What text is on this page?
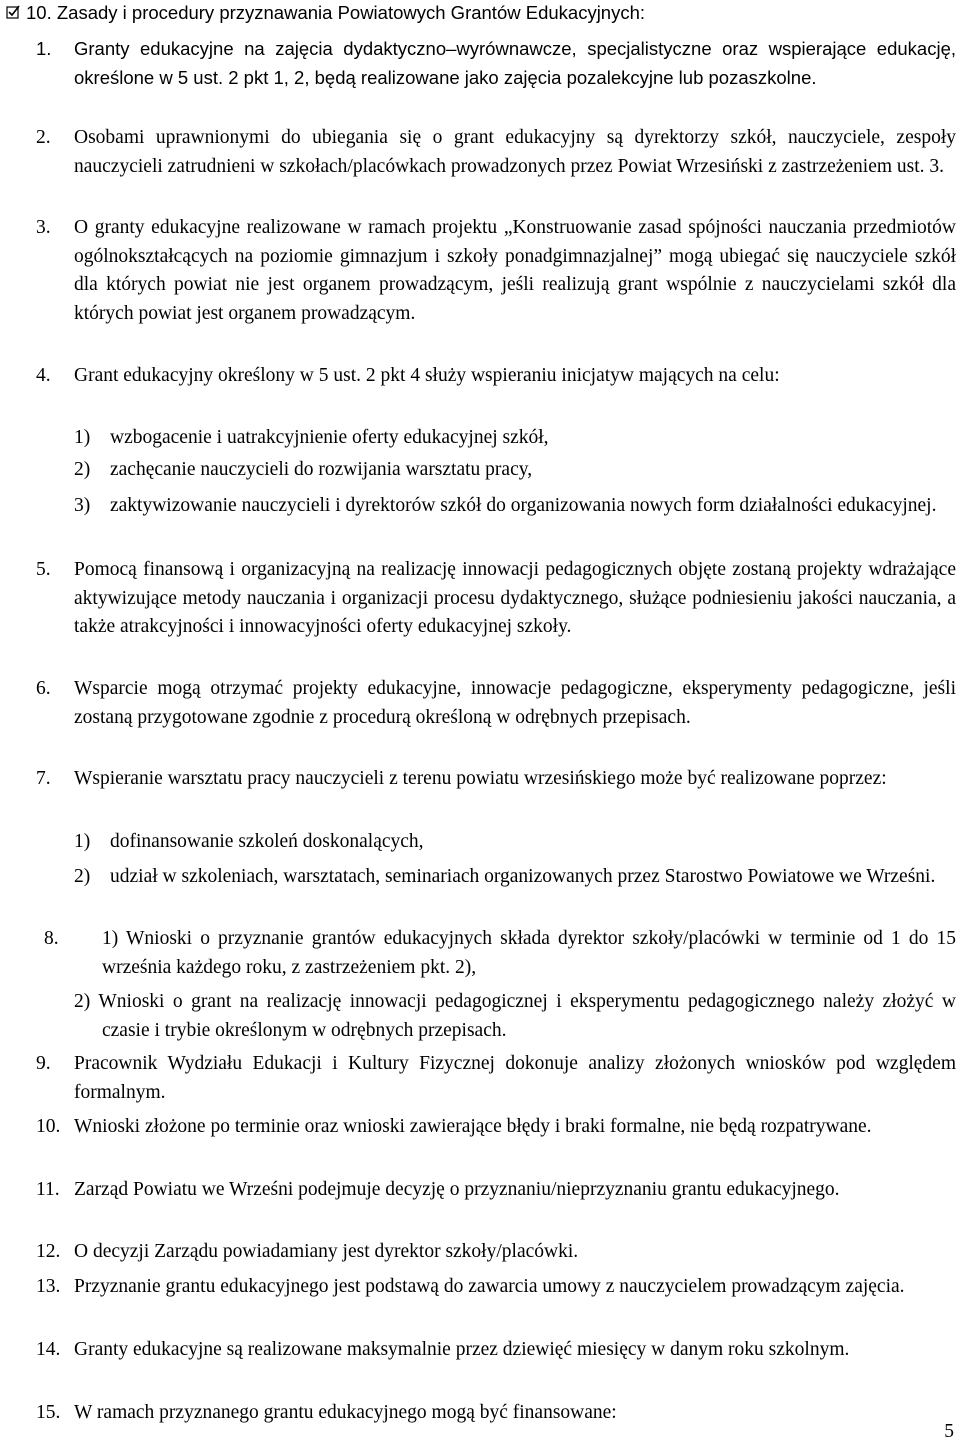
10. Zasady i procedury przyznawania Powiatowych Grantów Edukacyjnych:
1. Granty edukacyjne na zajęcia dydaktyczno–wyrównawcze, specjalistyczne oraz wspierające edukację, określone w 5 ust. 2 pkt 1, 2, będą realizowane jako zajęcia pozalekcyjne lub pozaszkolne.
2. Osobami uprawnionymi do ubiegania się o grant edukacyjny są dyrektorzy szkół, nauczyciele, zespoły nauczycieli zatrudnieni w szkołach/placówkach prowadzonych przez Powiat Wrzesiński z zastrzeżeniem ust. 3.
3. O granty edukacyjne realizowane w ramach projektu „Konstruowanie zasad spójności nauczania przedmiotów ogólnokształcących na poziomie gimnazjum i szkoły ponadgimnazjalnej” mogą ubiegać się nauczyciele szkół dla których powiat nie jest organem prowadzącym, jeśli realizują grant wspólnie z nauczycielami szkół dla których powiat jest organem prowadzącym.
4. Grant edukacyjny określony w 5 ust. 2 pkt 4 służy wspieraniu inicjatyw mających na celu:
1) wzbogacenie i uatrakcyjnienie oferty edukacyjnej szkół,
2) zachęcanie nauczycieli do rozwijania warsztatu pracy,
3) zaktywizowanie nauczycieli i dyrektorów szkół do organizowania nowych form działalności edukacyjnej.
5. Pomocą finansową i organizacyjną na realizację innowacji pedagogicznych objęte zostaną projekty wdrażające aktywizujące metody nauczania i organizacji procesu dydaktycznego, służące podniesieniu jakości nauczania, a także atrakcyjności i innowacyjności oferty edukacyjnej szkoły.
6. Wsparcie mogą otrzymać projekty edukacyjne, innowacje pedagogiczne, eksperymenty pedagogiczne, jeśli zostaną przygotowane zgodnie z procedurą określoną w odrębnych przepisach.
7. Wspieranie warsztatu pracy nauczycieli z terenu powiatu wrzesińskiego może być realizowane poprzez:
1) dofinansowanie szkoleń doskonalących,
2) udział w szkoleniach, warsztatach, seminariach organizowanych przez Starostwo Powiatowe we Wrześni.
8. 1) Wnioski o przyznanie grantów edukacyjnych składa dyrektor szkoły/placówki w terminie od 1 do 15 września każdego roku, z zastrzeżeniem pkt. 2),
2) Wnioski o grant na realizację innowacji pedagogicznej i eksperymentu pedagogicznego należy złożyć w czasie i trybie określonym w odrębnych przepisach.
9. Pracownik Wydziału Edukacji i Kultury Fizycznej dokonuje analizy złożonych wniosków pod względem formalnym.
10. Wnioski złożone po terminie oraz wnioski zawierające błędy i braki formalne, nie będą rozpatrywane.
11. Zarząd Powiatu we Wrześni podejmuje decyzję o przyznaniu/nieprzyznaniu grantu edukacyjnego.
12. O decyzji Zarządu powiadamiany jest dyrektor szkoły/placówki.
13. Przyznanie grantu edukacyjnego jest podstawą do zawarcia umowy z nauczycielem prowadzącym zajęcia.
14. Granty edukacyjne są realizowane maksymalnie przez dziewięć miesięcy w danym roku szkolnym.
15. W ramach przyznanego grantu edukacyjnego mogą być finansowane:
5
